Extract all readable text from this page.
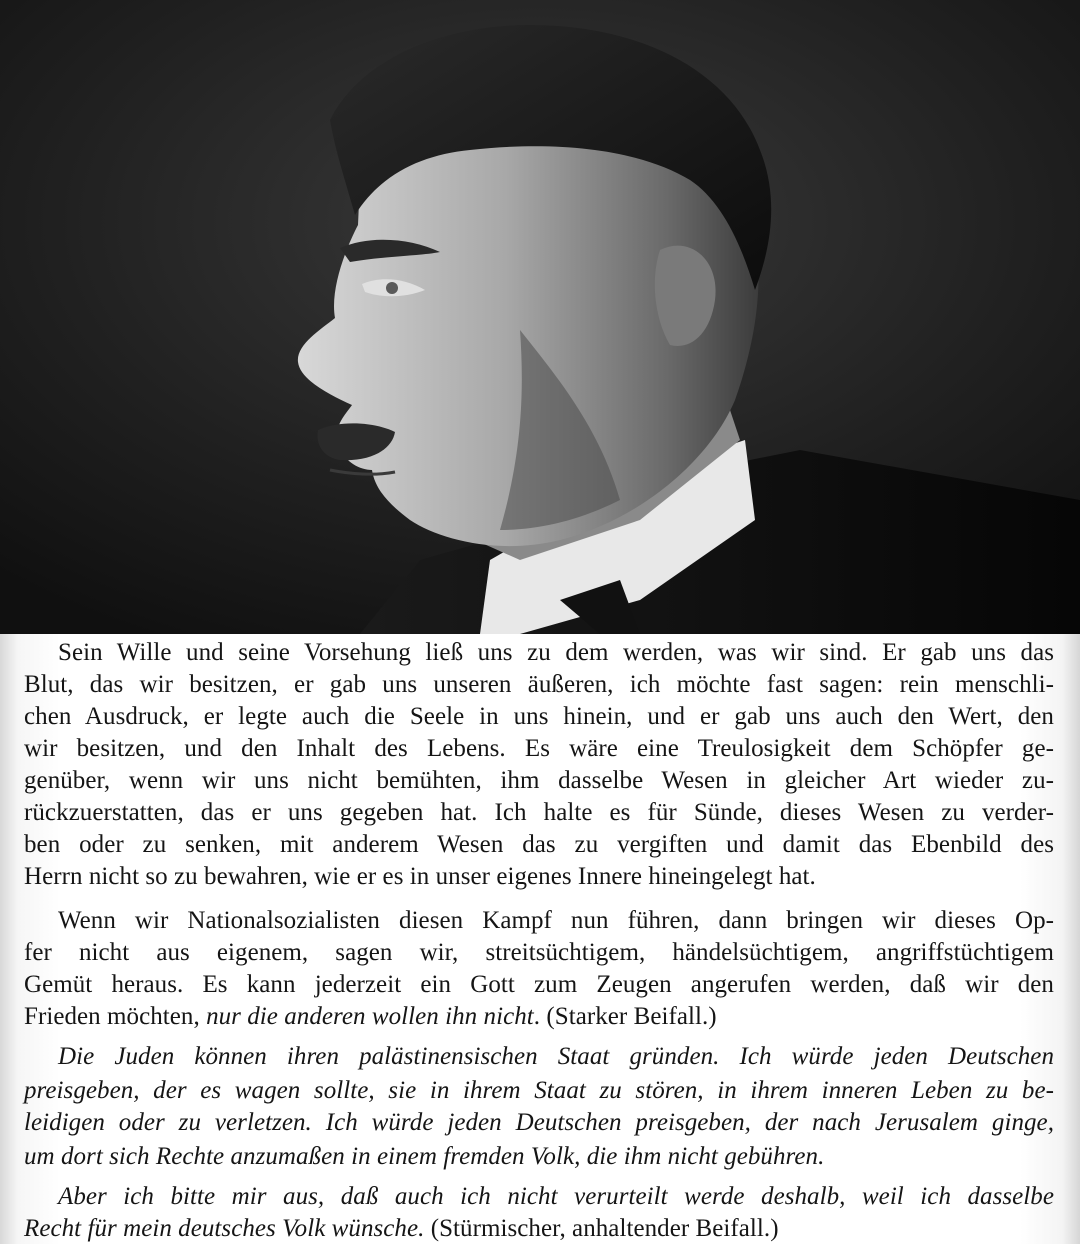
Sein Wille und seine Vorsehung ließ uns zu dem werden, was wir sind. Er gab uns das
Blut, das wir besitzen, er gab uns unseren äußeren, ich möchte fast sagen: rein menschli-
chen Ausdruck, er legte auch die Seele in uns hinein, und er gab uns auch den Wert, den
wir besitzen, und den Inhalt des Lebens. Es wäre eine Treulosigkeit dem Schöpfer ge-
genüber, wenn wir uns nicht bemühten, ihm dasselbe Wesen in gleicher Art wieder zu-
rückzuerstatten, das er uns gegeben hat. Ich halte es für Sünde, dieses Wesen zu verder-
ben oder zu senken, mit anderem Wesen das zu vergiften und damit das Ebenbild des
Herrn nicht so zu bewahren, wie er es in unser eigenes Innere hineingelegt hat.
Wenn wir Nationalsozialisten diesen Kampf nun führen, dann bringen wir dieses Op-
fer nicht aus eigenem, sagen wir, streitsüchtigem, händelsüchtigem, angriffstüchtigem
Gemüt heraus. Es kann jederzeit ein Gott zum Zeugen angerufen werden, daß wir den
Frieden möchten, nur die anderen wollen ihn nicht. (Starker Beifall.)
Die Juden können ihren palästinensischen Staat gründen. Ich würde jeden Deutschen
preisgeben, der es wagen sollte, sie in ihrem Staat zu stören, in ihrem inneren Leben zu be-
leidigen oder zu verletzen. Ich würde jeden Deutschen preisgeben, der nach Jerusalem ginge,
um dort sich Rechte anzumaßen in einem fremden Volk, die ihm nicht gebühren.
Aber ich bitte mir aus, daß auch ich nicht verurteilt werde deshalb, weil ich dasselbe
Recht für mein deutsches Volk wünsche. (Stürmischer, anhaltender Beifall.)
